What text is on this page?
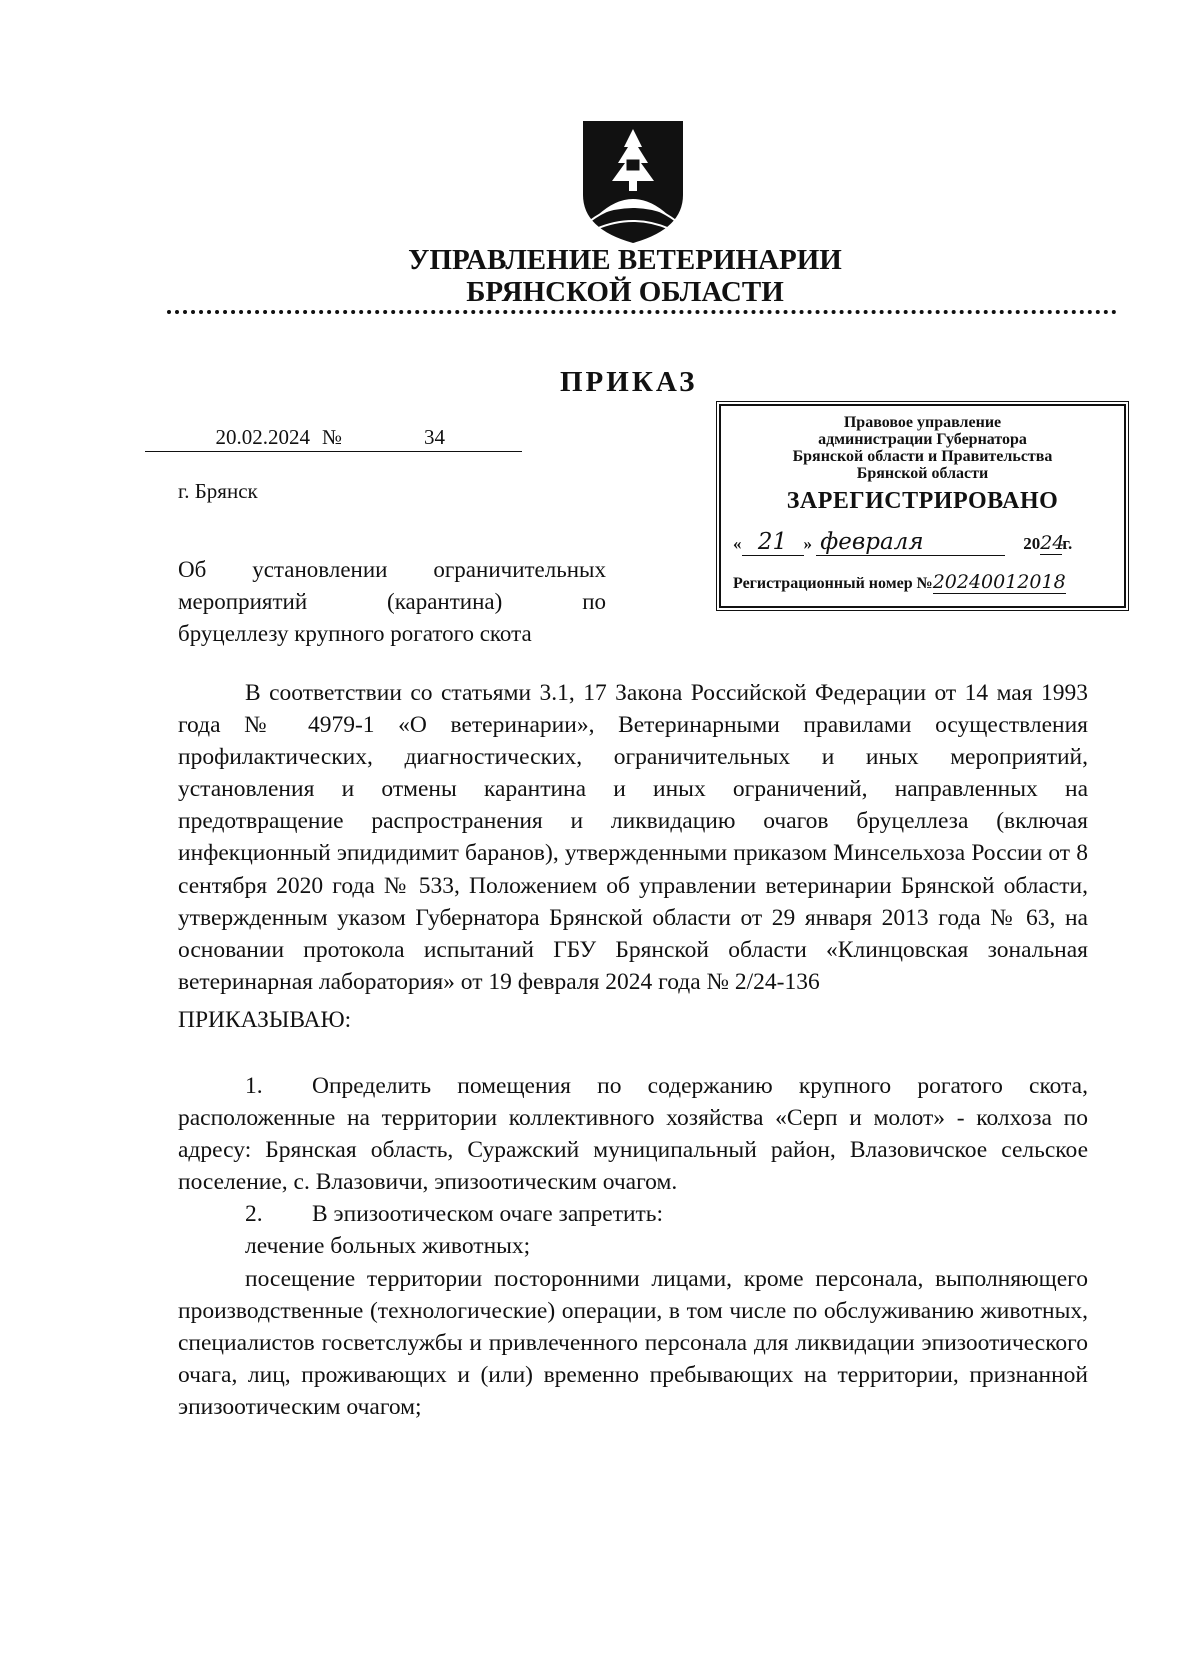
УПРАВЛЕНИЕ ВЕТЕРИНАРИИ
БРЯНСКОЙ ОБЛАСТИ
ПРИКАЗ
Правовое управление
администрации Губернатора
Брянской области и Правительства
Брянской области
ЗАРЕГИСТРИРОВАНО
« 21 » февраля	2024г.
Регистрационный номер №20240012018
20.02.2024 №	34
г. Брянск
Об установлении ограничительных
мероприятий (карантина) по
бруцеллезу крупного рогатого скота

В соответствии со статьями 3.1, 17 Закона Российской Федерации от 14 мая 1993 года № 4979-1 «О ветеринарии», Ветеринарными правилами осуществления профилактических, диагностических, ограничительных и иных мероприятий, установления и отмены карантина и иных ограничений, направленных на предотвращение распространения и ликвидацию очагов бруцеллеза (включая инфекционный эпидидимит баранов), утвержденными приказом Минсельхоза России от 8 сентября 2020 года № 533, Положением об управлении ветеринарии Брянской области, утвержденным указом Губернатора Брянской области от 29 января 2013 года № 63, на основании протокола испытаний ГБУ Брянской области «Клинцовская зональная ветеринарная лаборатория» от 19 февраля 2024 года № 2/24-136

ПРИКАЗЫВАЮ:

1. Определить помещения по содержанию крупного рогатого скота, расположенные на территории коллективного хозяйства «Серп и молот» - колхоза по адресу: Брянская область, Суражский муниципальный район, Влазовичское сельское поселение, с. Влазовичи, эпизоотическим очагом.

2. В эпизоотическом очаге запретить:

лечение больных животных;

посещение территории посторонними лицами, кроме персонала, выполняющего производственные (технологические) операции, в том числе по обслуживанию животных, специалистов госветслужбы и привлеченного персонала для ликвидации эпизоотического очага, лиц, проживающих и (или) временно пребывающих на территории, признанной эпизоотическим очагом;
